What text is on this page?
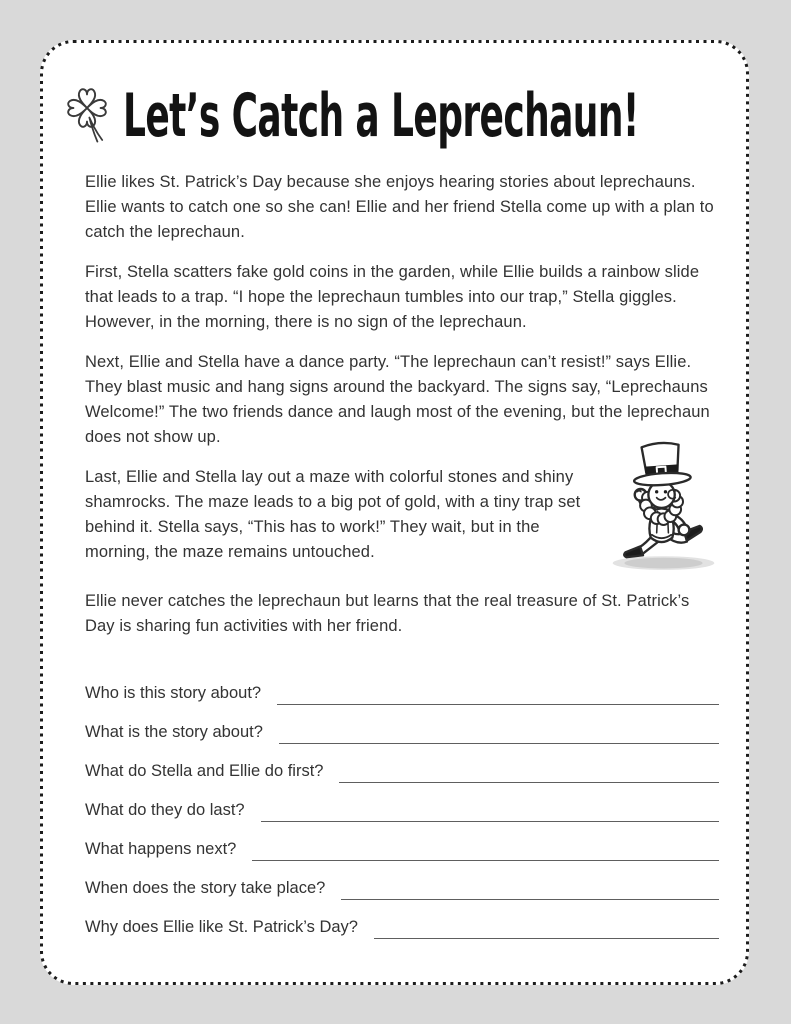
Let’s Catch a Leprechaun!

Ellie likes St. Patrick’s Day because she enjoys hearing stories about leprechauns. Ellie wants to catch one so she can! Ellie and her friend Stella come up with a plan to catch the leprechaun.

First, Stella scatters fake gold coins in the garden, while Ellie builds a rainbow slide that leads to a trap. “I hope the leprechaun tumbles into our trap,” Stella giggles. However, in the morning, there is no sign of the leprechaun.

Next, Ellie and Stella have a dance party. “The leprechaun can’t resist!” says Ellie. They blast music and hang signs around the backyard. The signs say, “Leprechauns Welcome!” The two friends dance and laugh most of the evening, but the leprechaun does not show up.

Last, Ellie and Stella lay out a maze with colorful stones and shiny shamrocks. The maze leads to a big pot of gold, with a tiny trap set behind it. Stella says, “This has to work!” They wait, but in the morning, the maze remains untouched.

Ellie never catches the leprechaun but learns that the real treasure of St. Patrick’s Day is sharing fun activities with her friend.

Who is this story about?
What is the story about?
What do Stella and Ellie do first?
What do they do last?
What happens next?
When does the story take place?
Why does Ellie like St. Patrick’s Day?
